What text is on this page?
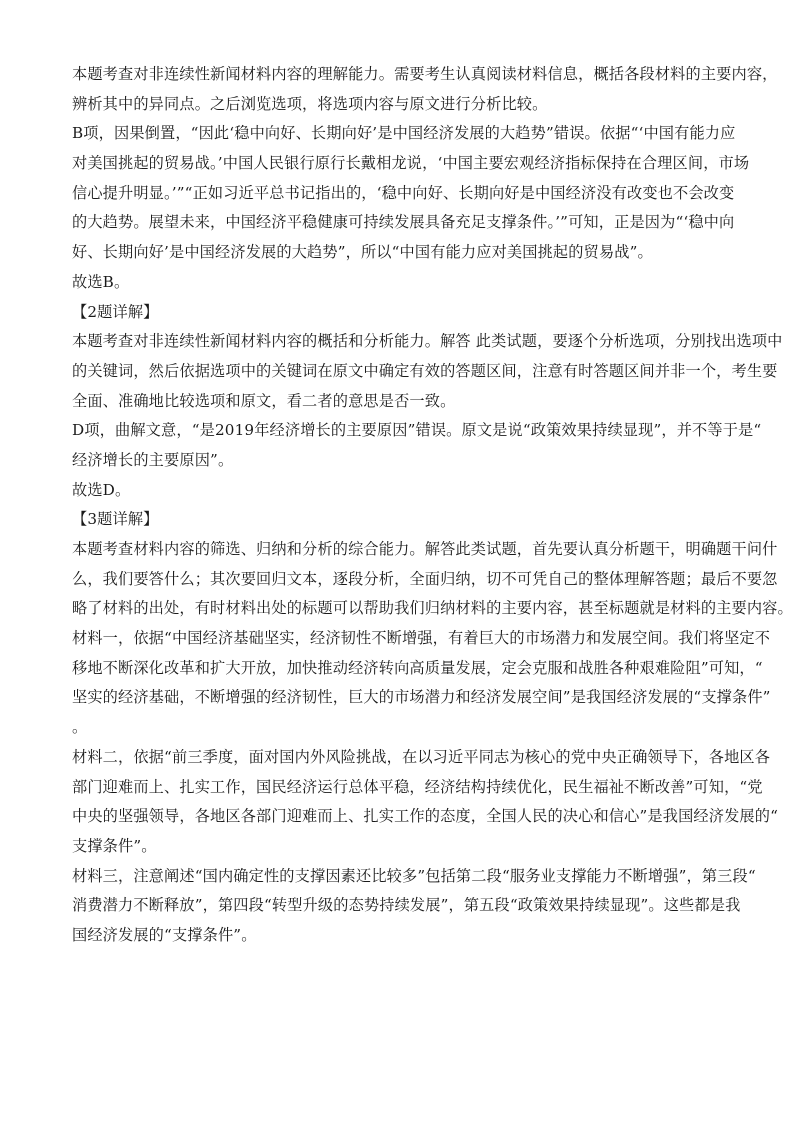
本题考查对非连续性新闻材料内容的理解能力。需要考生认真阅读材料信息，概括各段材料的主要内容，
辨析其中的异同点。之后浏览选项，将选项内容与原文进行分析比较。
B项，因果倒置，“因此‘稳中向好、长期向好’是中国经济发展的大趋势”错误。依据“‘中国有能力应
对美国挑起的贸易战。’中国人民银行原行长戴相龙说，‘中国主要宏观经济指标保持在合理区间，市场
信心提升明显。’”“正如习近平总书记指出的，‘稳中向好、长期向好是中国经济没有改变也不会改变
的大趋势。展望未来，中国经济平稳健康可持续发展具备充足支撑条件。’”可知，正是因为“‘稳中向
好、长期向好’是中国经济发展的大趋势”，所以“中国有能力应对美国挑起的贸易战”。
故选B。
【2题详解】
本题考查对非连续性新闻材料内容的概括和分析能力。解答 此类试题，要逐个分析选项，分别找出选项中
的关键词，然后依据选项中的关键词在原文中确定有效的答题区间，注意有时答题区间并非一个，考生要
全面、准确地比较选项和原文，看二者的意思是否一致。
D项，曲解文意，“是2019年经济增长的主要原因”错误。原文是说“政策效果持续显现”，并不等于是“
经济增长的主要原因”。
故选D。
【3题详解】
本题考查材料内容的筛选、归纳和分析的综合能力。解答此类试题，首先要认真分析题干，明确题干问什
么，我们要答什么；其次要回归文本，逐段分析，全面归纳，切不可凭自己的整体理解答题；最后不要忽
略了材料的出处，有时材料出处的标题可以帮助我们归纳材料的主要内容，甚至标题就是材料的主要内容。
材料一，依据“中国经济基础坚实，经济韧性不断增强，有着巨大的市场潜力和发展空间。我们将坚定不
移地不断深化改革和扩大开放，加快推动经济转向高质量发展，定会克服和战胜各种艰难险阻”可知，“
坚实的经济基础，不断增强的经济韧性，巨大的市场潜力和经济发展空间”是我国经济发展的“支撑条件”
。
材料二，依据“前三季度，面对国内外风险挑战，在以习近平同志为核心的党中央正确领导下，各地区各
部门迎难而上、扎实工作，国民经济运行总体平稳，经济结构持续优化，民生福祉不断改善”可知，“党
中央的坚强领导，各地区各部门迎难而上、扎实工作的态度，全国人民的决心和信心”是我国经济发展的“
支撑条件”。
材料三，注意阐述“国内确定性的支撑因素还比较多”包括第二段“服务业支撑能力不断增强”，第三段“
消费潜力不断释放”，第四段“转型升级的态势持续发展”，第五段“政策效果持续显现”。这些都是我
国经济发展的“支撑条件”。
